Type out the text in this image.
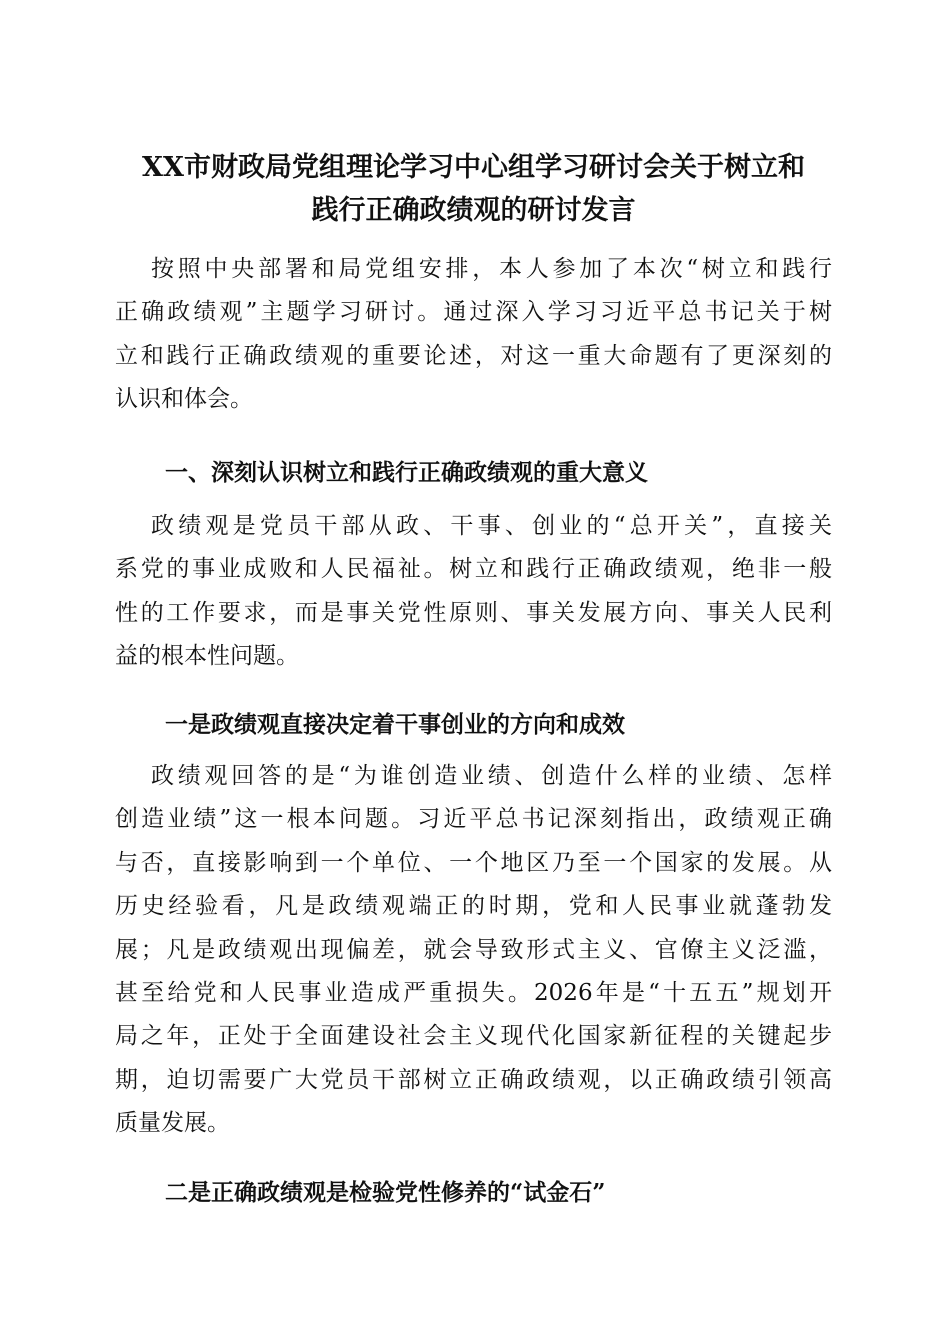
XX市财政局党组理论学习中心组学习研讨会关于树立和
践行正确政绩观的研讨发言
按照中央部署和局党组安排，本人参加了本次“树立和践行
正确政绩观”主题学习研讨。通过深入学习习近平总书记关于树
立和践行正确政绩观的重要论述，对这一重大命题有了更深刻的
认识和体会。
一、深刻认识树立和践行正确政绩观的重大意义
政绩观是党员干部从政、干事、创业的“总开关”，直接关
系党的事业成败和人民福祉。树立和践行正确政绩观，绝非一般
性的工作要求，而是事关党性原则、事关发展方向、事关人民利
益的根本性问题。
一是政绩观直接决定着干事创业的方向和成效
政绩观回答的是“为谁创造业绩、创造什么样的业绩、怎样
创造业绩”这一根本问题。习近平总书记深刻指出，政绩观正确
与否，直接影响到一个单位、一个地区乃至一个国家的发展。从
历史经验看，凡是政绩观端正的时期，党和人民事业就蓬勃发
展；凡是政绩观出现偏差，就会导致形式主义、官僚主义泛滥，
甚至给党和人民事业造成严重损失。2026年是“十五五”规划开
局之年，正处于全面建设社会主义现代化国家新征程的关键起步
期，迫切需要广大党员干部树立正确政绩观，以正确政绩引领高
质量发展。
二是正确政绩观是检验党性修养的“试金石”
